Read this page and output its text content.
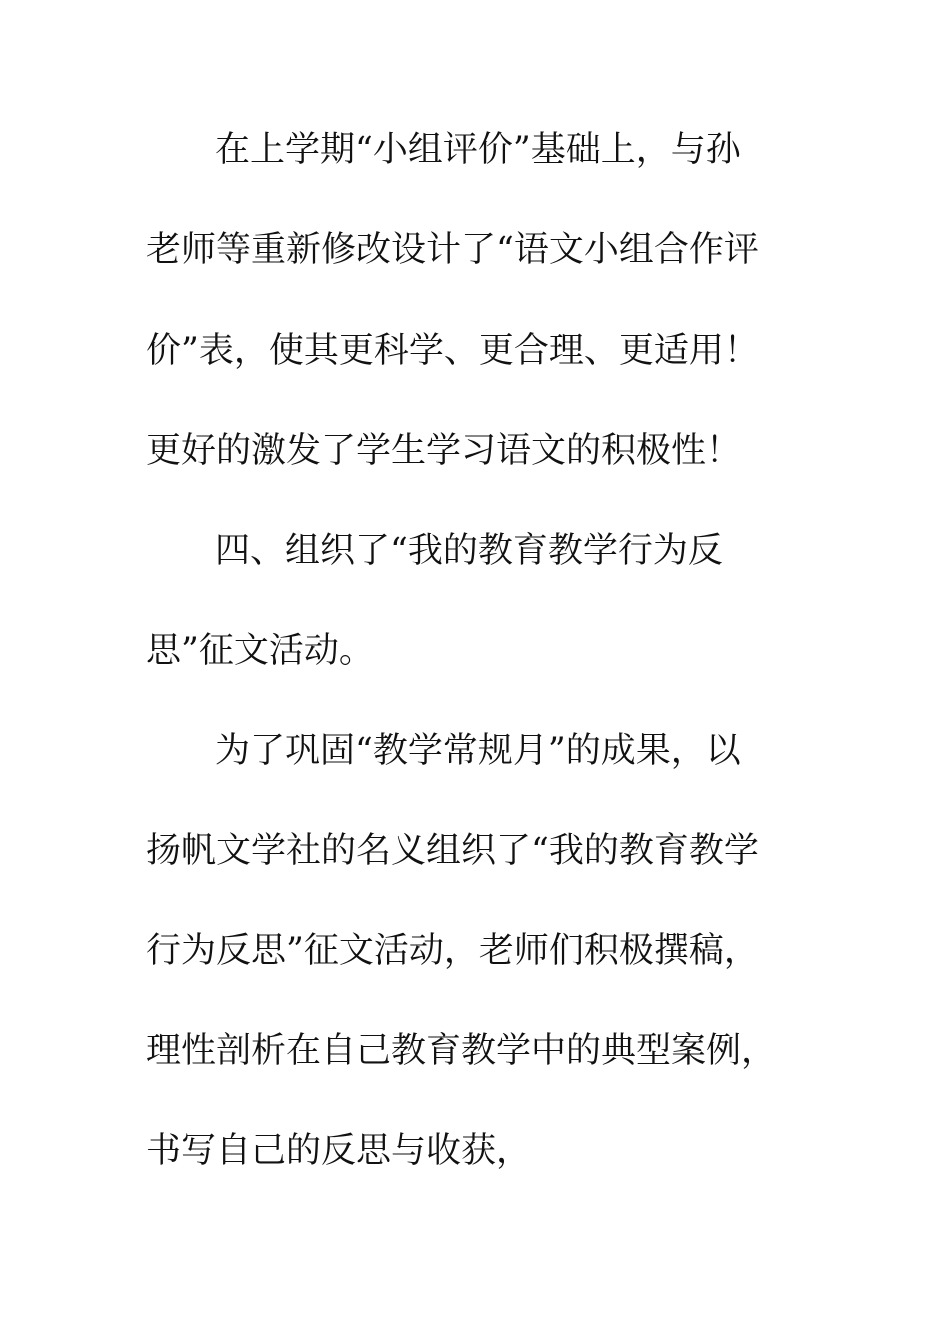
在上学期“小组评价”基础上，与孙
老师等重新修改设计了“语文小组合作评
价”表，使其更科学、更合理、更适用！
更好的激发了学生学习语文的积极性！
四、组织了“我的教育教学行为反
思”征文活动。
为了巩固“教学常规月”的成果，以
扬帆文学社的名义组织了“我的教育教学
行为反思”征文活动，老师们积极撰稿，
理性剖析在自己教育教学中的典型案例，
书写自己的反思与收获，
